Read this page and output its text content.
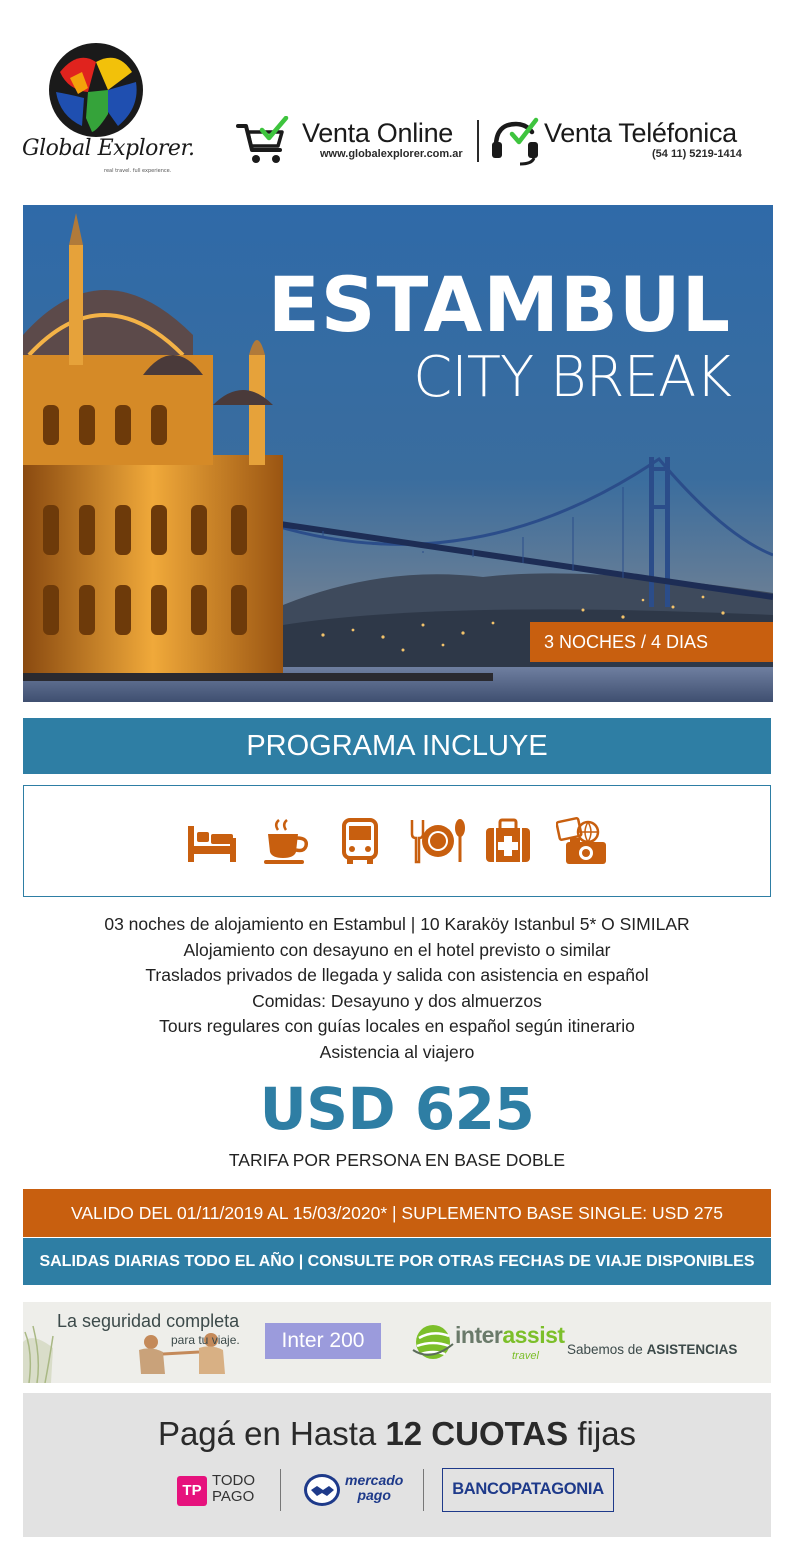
Global Explorer.
real travel. full experience.
Venta Online
www.globalexplorer.com.ar
Venta Teléfonica
(54 11) 5219-1414
ESTAMBUL
CITY BREAK
3 NOCHES / 4 DIAS
PROGRAMA INCLUYE
03 noches de alojamiento en Estambul | 10 Karaköy Istanbul 5* O SIMILAR
Alojamiento con desayuno en el hotel previsto o similar
Traslados privados de llegada y salida con asistencia en español
Comidas: Desayuno y dos almuerzos
Tours regulares con guías locales en español según itinerario
Asistencia al viajero
USD 625
TARIFA POR PERSONA EN BASE DOBLE
VALIDO DEL 01/11/2019 AL 15/03/2020* | SUPLEMENTO BASE SINGLE: USD 275
SALIDAS DIARIAS TODO EL AÑO | CONSULTE POR OTRAS FECHAS DE VIAJE DISPONIBLES
La seguridad completa
para tu viaje.	Inter 200	interassist
travel Sabemos de ASISTENCIAS
Pagá en Hasta 12 CUOTAS fijas
TP
TODO
PAGO
mercado
pago	BANCOPATAGONIA
